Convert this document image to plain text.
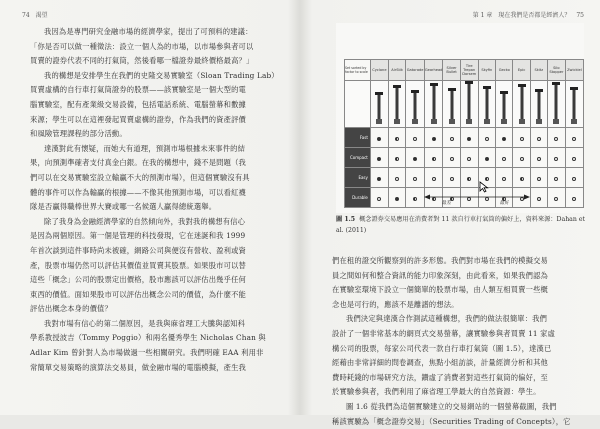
74　渴望
我因為是專門研究金融市場的經濟學家，提出了可預料的建議：
「你是否可以做一種徵法：設立一個人為的市場，以市場參與者可以
買賣的證券代表不同的打氣筒，然後看哪一檔證券最終價格最高？」
我的構想是安排學生在我們的史隆交易實驗室（Sloan Trading Lab）
買賣虛構的自行車打氣筒證券的股票——該實驗室是一個大型的電
腦實驗室，配有產業級交易設備，包括電話系統、電腦螢幕和數據
來源；學生可以在這裡發起買賣虛構的證券，作為我們的資產評價
和風險管理課程的部分活動。
達漢對此有懷疑，而她大有道理，預測市場根據未來事件的結
果，向預測準確者支付真金白銀。在我的構想中，錢不是問題（我
們可以在交易實驗室設立輸贏不大的預測市場），但這個實驗沒有具
體的事件可以作為輸贏的根據——不像其他預測市場，可以看紅襪
隊是否贏得職棒世界大賽或哪一名候選人贏得總統選舉。
除了我身為金融經濟學家的自然傾向外，我對我的構想有信心
是因為兩個原因。第一個是管理的科技發現，它在迷誕和我 1999
年首次談到這件事時尚未被確，網路公司與便沒有營收、盈利或資
產，股票市場仍然可以評估其價值並買賣其股票。如果股市可以替
這些「概念」公司的股票定出價格，股市應該可以評估出幾乎任何
東西的價值。面如果股市可以評估出概念公司的價值，為什麼不能
評估出概念本身的價值？
我對市場有信心的第二個原因，是我與麻省理工大騰與認知科
學系教授波吉（Tommy Poggio）和兩名優秀學生 Nicholas Chan 與
Adlar Kim 曾針對人為市場做過一些相關研究。我們明確 EAA 利用非
常簡單交易策略的演算法交易員，做金融市場的電腦模擬，產生我
第 1 章　現在我們是否都是經濟人？　75
Set sorted by factor to scale	Cyclone	AirStik	Gatorade	Gearhead	Silver Bullet	Tire Trepan Dorsem	Skyfin	Gecko	Epic	Skitz	Silo Stopper	Zwickiel

Fast												
Compact												
Easy												
Durable												
最差	最好
圖 1.5 概念證券交易應用在消費者對 11 款自行車打氣筒的偏好上，資料來源：Dahan et al. (2011)
們在租的證交所觀察到的許多形態。我們對市場在我們的模擬交易
員之間如何和整合資訊的能力印象深刻，由此看來，如果我們認為
在實驗室環境下設立一個簡單的股票市場，由人類互相買賣一些概
念也是可行的，應該不是離譜的想法。
我們決定與達漢合作測試這種構想，我們的做法很簡單：我們
設計了一個非常基本的網頁式交易螢幕，讓實驗參與者買賣 11 家虛
構公司的股票，每家公司代表一款自行車打氣筒（圖 1.5），達漢已
經藉由非常詳細的問卷調查，焦點小組訪談，計量經濟分析和其他
費時耗錢的市場研究方法，鑽虛了消費者對這些打氣筒的偏好，至
於實驗參與者，我們利用了麻省理工學最大的自然資源：學生。
圖 1.6 從我們為這個實驗建立的交易網站的一個螢幕截圖，我們
稱該實驗為「概念證券交易」（Securities Trading of Concepts），它
